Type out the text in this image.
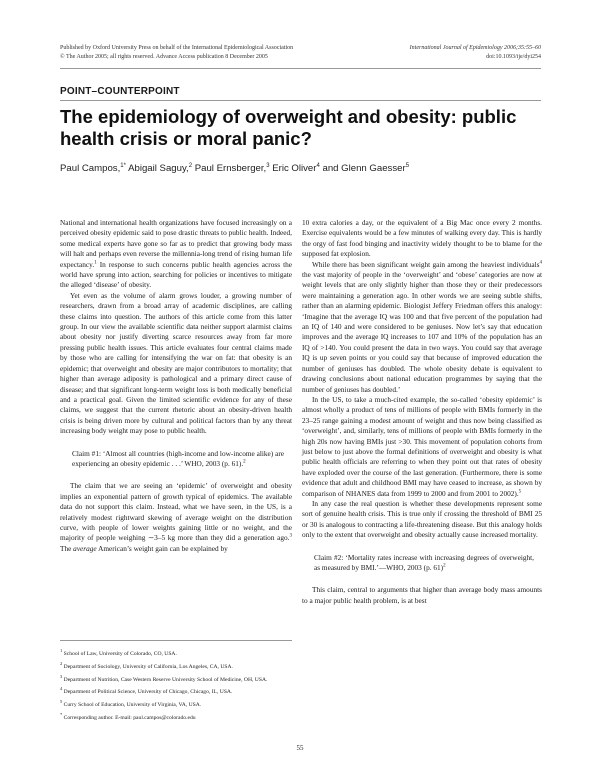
Published by Oxford University Press on behalf of the International Epidemiological Association
© The Author 2005; all rights reserved. Advance Access publication 8 December 2005
International Journal of Epidemiology 2006;35:55–60
doi:10.1093/ije/dyi254
POINT–COUNTERPOINT
The epidemiology of overweight and obesity: public health crisis or moral panic?
Paul Campos,$^{1*}$ Abigail Saguy,$^2$ Paul Ernsberger,$^3$ Eric Oliver$^4$ and Glenn Gaesser$^5$

National and international health organizations have focused increasingly on a perceived obesity epidemic said to pose drastic threats to public health. Indeed, some medical experts have gone so far as to predict that growing body mass will halt and perhaps even reverse the millennia-long trend of rising human life expectancy.$^1$ In response to such concerns public health agencies across the world have sprung into action, searching for policies or incentives to mitigate the alleged ‘disease’ of obesity.

Yet even as the volume of alarm grows louder, a growing number of researchers, drawn from a broad array of academic disciplines, are calling these claims into question. The authors of this article come from this latter group. In our view the available scientific data neither support alarmist claims about obesity nor justify diverting scarce resources away from far more pressing public health issues. This article evaluates four central claims made by those who are calling for intensifying the war on fat: that obesity is an epidemic; that overweight and obesity are major contributors to mortality; that higher than average adiposity is pathological and a primary direct cause of disease; and that significant long-term weight loss is both medically beneficial and a practical goal. Given the limited scientific evidence for any of these claims, we suggest that the current rhetoric about an obesity-driven health crisis is being driven more by cultural and political factors than by any threat increasing body weight may pose to public health.

Claim #1: ‘Almost all countries (high-income and low-income alike) are experiencing an obesity epidemic . . .’ WHO, 2003 (p. 61).$^2$

The claim that we are seeing an ‘epidemic’ of overweight and obesity implies an exponential pattern of growth typical of epidemics. The available data do not support this claim. Instead, what we have seen, in the US, is a relatively modest rightward skewing of average weight on the distribution curve, with people of lower weights gaining little or no weight, and the majority of people weighing ∼3–5 kg more than they did a generation ago.$^3$ The average American’s weight gain can be explained by

$^1$ School of Law, University of Colorado, CO, USA.
$^2$ Department of Sociology, University of California, Los Angeles, CA, USA.
$^3$ Department of Nutrition, Case Western Reserve University School of Medicine, OH, USA.
$^4$ Department of Political Science, University of Chicago, Chicago, IL, USA.
$^5$ Curry School of Education, University of Virginia, VA, USA.
* Corresponding author. E-mail: paul.campos@colorado.edu

10 extra calories a day, or the equivalent of a Big Mac once every 2 months. Exercise equivalents would be a few minutes of walking every day. This is hardly the orgy of fast food binging and inactivity widely thought to be to blame for the supposed fat explosion.

While there has been significant weight gain among the heaviest individuals$^4$ the vast majority of people in the ‘overweight’ and ‘obese’ categories are now at weight levels that are only slightly higher than those they or their predecessors were maintaining a generation ago. In other words we are seeing subtle shifts, rather than an alarming epidemic. Biologist Jeffery Friedman offers this analogy: ‘Imagine that the average IQ was 100 and that five percent of the population had an IQ of 140 and were considered to be geniuses. Now let’s say that education improves and the average IQ increases to 107 and 10% of the population has an IQ of >140. You could present the data in two ways. You could say that average IQ is up seven points or you could say that because of improved education the number of geniuses has doubled. The whole obesity debate is equivalent to drawing conclusions about national education programmes by saying that the number of geniuses has doubled.’

In the US, to take a much-cited example, the so-called ‘obesity epidemic’ is almost wholly a product of tens of millions of people with BMIs formerly in the 23–25 range gaining a modest amount of weight and thus now being classified as ‘overweight’, and, similarly, tens of millions of people with BMIs formerly in the high 20s now having BMIs just >30. This movement of population cohorts from just below to just above the formal definitions of overweight and obesity is what public health officials are referring to when they point out that rates of obesity have exploded over the course of the last generation. (Furthermore, there is some evidence that adult and childhood BMI may have ceased to increase, as shown by comparison of NHANES data from 1999 to 2000 and from 2001 to 2002).$^5$

In any case the real question is whether these developments represent some sort of genuine health crisis. This is true only if crossing the threshold of BMI 25 or 30 is analogous to contracting a life-threatening disease. But this analogy holds only to the extent that overweight and obesity actually cause increased mortality.

Claim #2: ‘Mortality rates increase with increasing degrees of overweight, as measured by BMI.’—WHO, 2003 (p. 61)$^2$

This claim, central to arguments that higher than average body mass amounts to a major public health problem, is at best

55
